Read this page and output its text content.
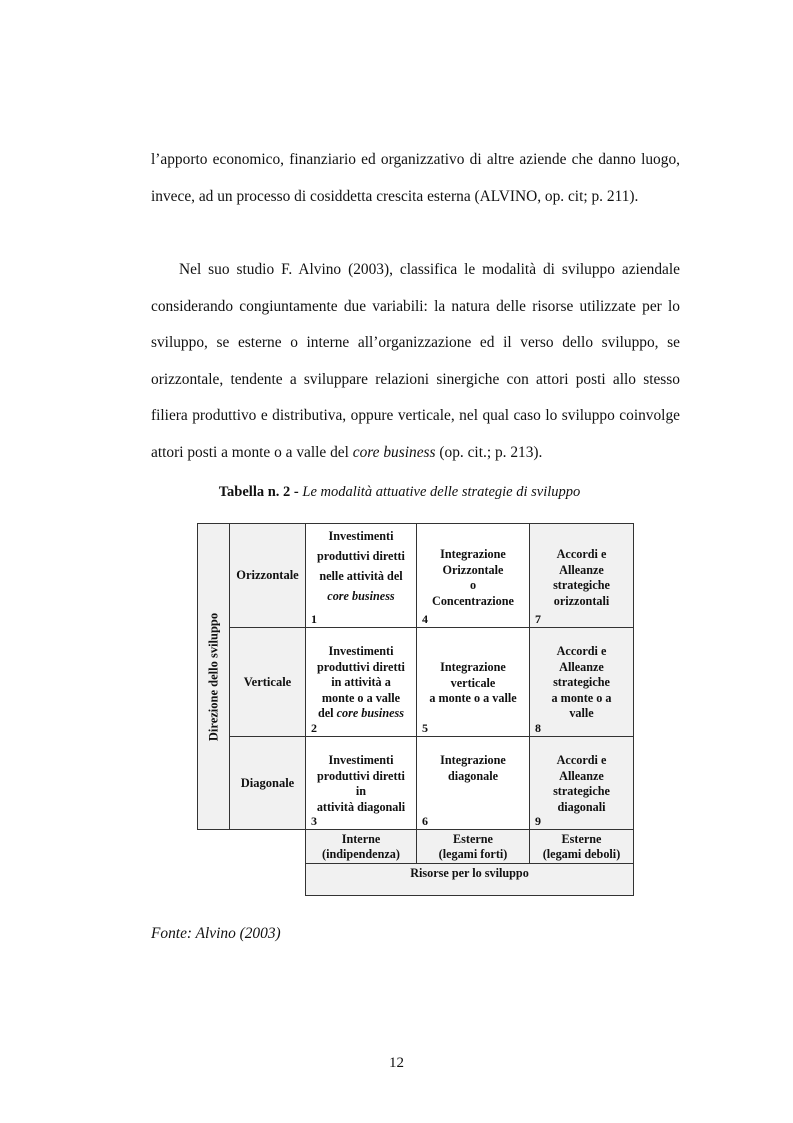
l’apporto economico, finanziario ed organizzativo di altre aziende che danno luogo, invece, ad un processo di cosiddetta crescita esterna (ALVINO, op. cit; p. 211).

Nel suo studio F. Alvino (2003), classifica le modalità di sviluppo aziendale considerando congiuntamente due variabili: la natura delle risorse utilizzate per lo sviluppo, se esterne o interne all’organizzazione ed il verso dello sviluppo, se orizzontale, tendente a sviluppare relazioni sinergiche con attori posti allo stesso filiera produttivo e distributiva, oppure verticale, nel qual caso lo sviluppo coinvolge attori posti a monte o a valle del core business (op. cit.; p. 213).

Tabella n. 2 - Le modalità attuative delle strategie di sviluppo

Direzione dello sviluppo
Orizzontale
Verticale
Diagonale
Investimenti
produttivi diretti
nelle attività del
core business
1
Integrazione
Orizzontale
o
Concentrazione
4
Accordi e
Alleanze
strategiche
orizzontali
7
Investimenti
produttivi diretti
in attività a
monte o a valle
del core business
2
Integrazione
verticale
a monte o a valle
5
Accordi e
Alleanze
strategiche
a monte o a
valle
8
Investimenti
produttivi diretti
in
attività diagonali
3
Integrazione
diagonale
6
Accordi e
Alleanze
strategiche
diagonali
9
Interne
(indipendenza)
Esterne
(legami forti)
Esterne
(legami deboli)
Risorse per lo sviluppo

Fonte: Alvino (2003)

12
